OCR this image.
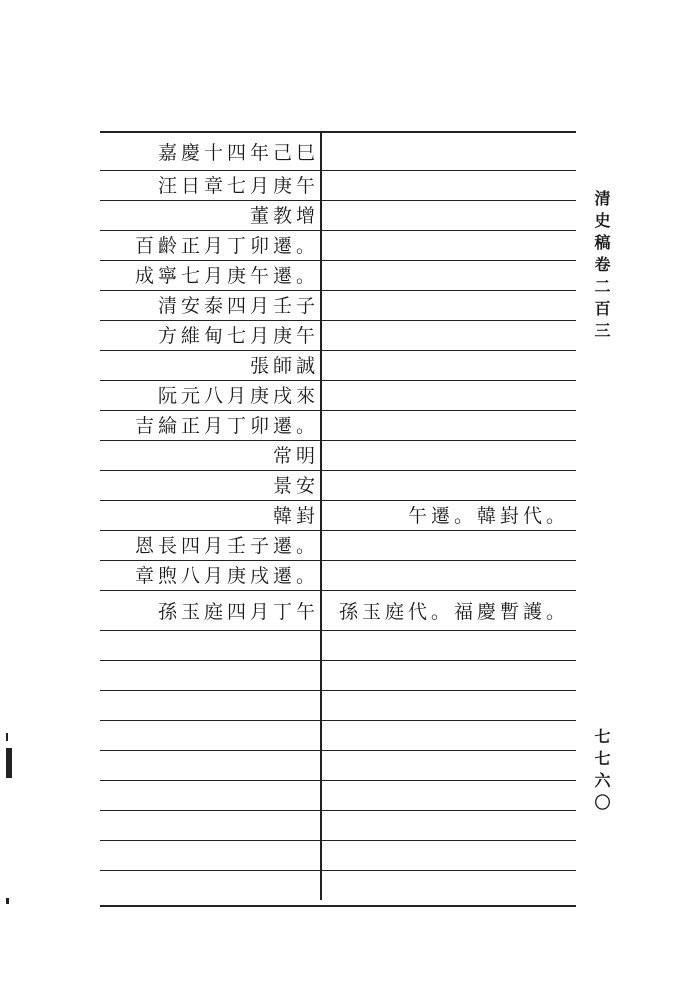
嘉慶十四年己巳
汪日章七月庚午
董教增
百齡正月丁卯遷。
成寧七月庚午遷。
清安泰四月壬子
方維甸七月庚午
張師誠
阮元八月庚戌來
吉綸正月丁卯遷。
常明
景安
韓崶
恩長四月壬子遷。
章煦八月庚戌遷。
孫玉庭四月丁午
午遷。韓崶代。
孫玉庭代。福慶暫護。
清史稿卷二百三
七七六〇
